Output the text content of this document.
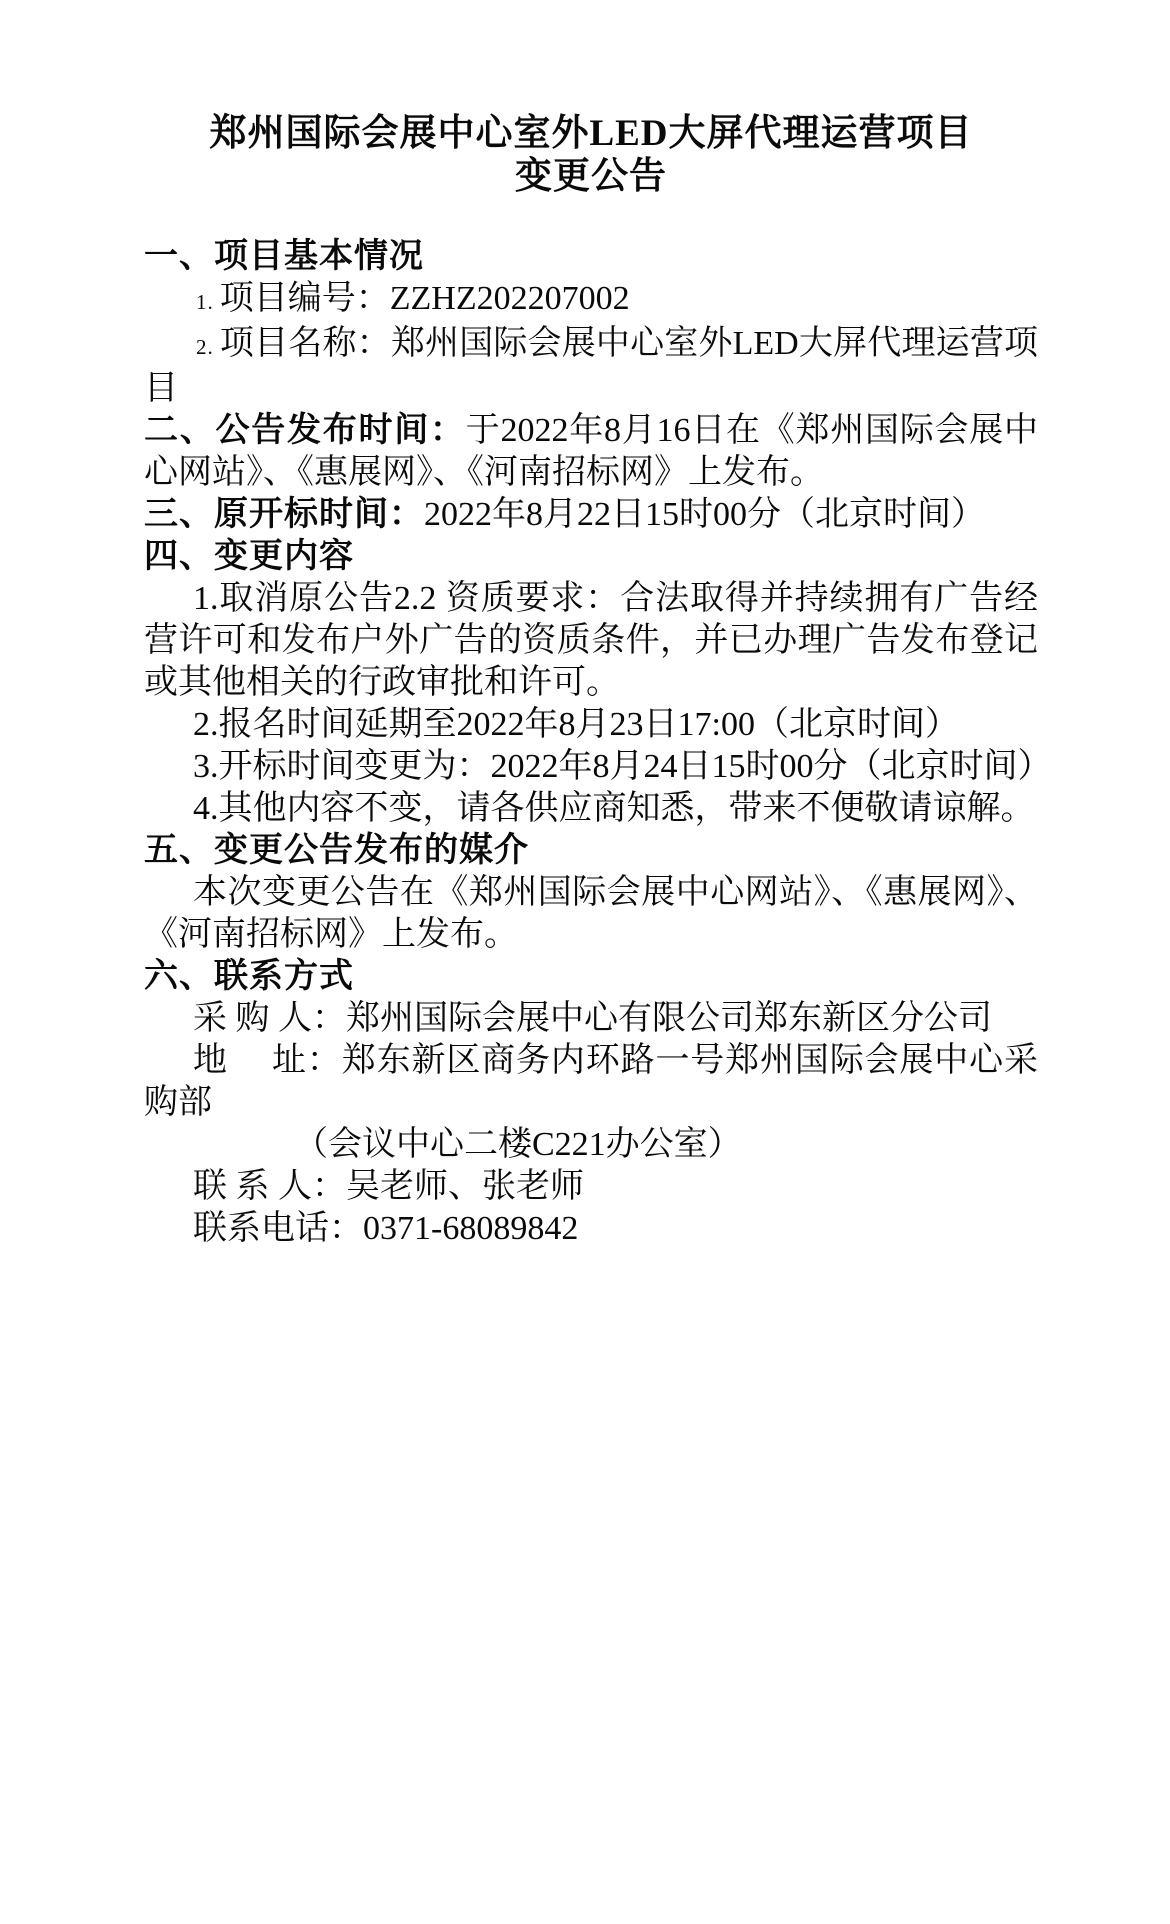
郑州国际会展中心室外LED大屏代理运营项目
变更公告

一、项目基本情况

1. 项目编号：ZZHZ202207002

2. 项目名称：郑州国际会展中心室外LED大屏代理运营项目

二、公告发布时间：于2022年8月16日在《郑州国际会展中心网站》、《惠展网》、《河南招标网》上发布。

三、原开标时间：2022年8月22日15时00分（北京时间）

四、变更内容

1.取消原公告2.2 资质要求：合法取得并持续拥有广告经营许可和发布户外广告的资质条件，并已办理广告发布登记或其他相关的行政审批和许可。

2.报名时间延期至2022年8月23日17:00（北京时间）

3.开标时间变更为：2022年8月24日15时00分（北京时间）

4.其他内容不变，请各供应商知悉，带来不便敬请谅解。

五、变更公告发布的媒介

本次变更公告在《郑州国际会展中心网站》、《惠展网》、《河南招标网》上发布。

六、联系方式

采 购 人：郑州国际会展中心有限公司郑东新区分公司

地　 址：郑东新区商务内环路一号郑州国际会展中心采购部

（会议中心二楼C221办公室）

联 系 人：吴老师、张老师

联系电话：0371-68089842
